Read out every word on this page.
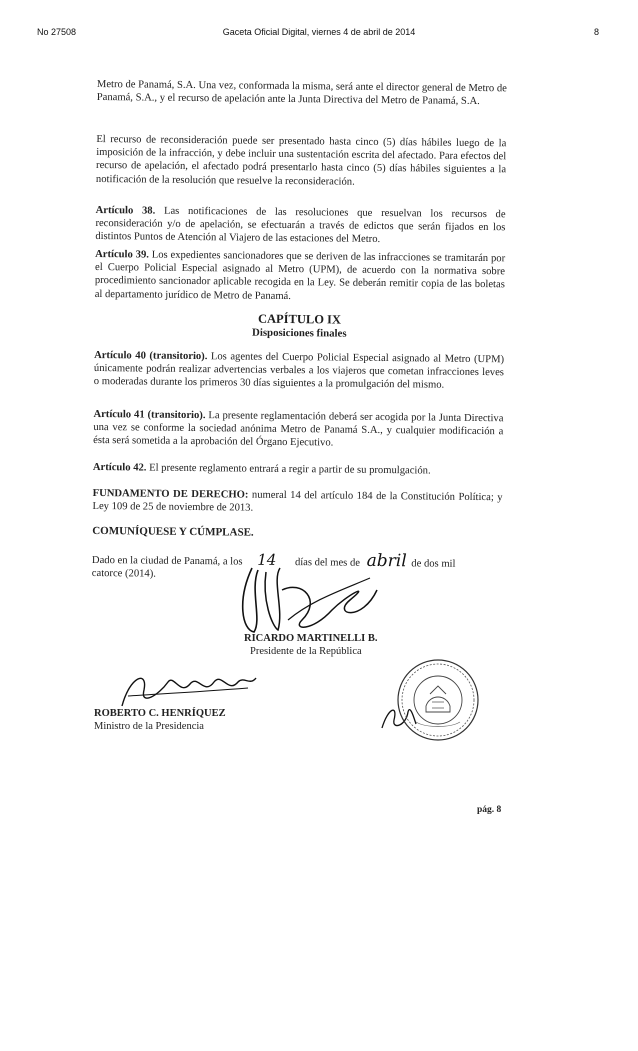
No 27508	Gaceta Oficial Digital, viernes 4 de abril de 2014	8
Metro de Panamá, S.A. Una vez, conformada la misma, será ante el director general de Metro de Panamá, S.A., y el recurso de apelación ante la Junta Directiva del Metro de Panamá, S.A.
El recurso de reconsideración puede ser presentado hasta cinco (5) días hábiles luego de la imposición de la infracción, y debe incluir una sustentación escrita del afectado. Para efectos del recurso de apelación, el afectado podrá presentarlo hasta cinco (5) días hábiles siguientes a la notificación de la resolución que resuelve la reconsideración.
Artículo 38. Las notificaciones de las resoluciones que resuelvan los recursos de reconsideración y/o de apelación, se efectuarán a través de edictos que serán fijados en los distintos Puntos de Atención al Viajero de las estaciones del Metro.
Artículo 39. Los expedientes sancionadores que se deriven de las infracciones se tramitarán por el Cuerpo Policial Especial asignado al Metro (UPM), de acuerdo con la normativa sobre procedimiento sancionador aplicable recogida en la Ley. Se deberán remitir copia de las boletas al departamento jurídico de Metro de Panamá.
CAPÍTULO IX
Disposiciones finales
Artículo 40 (transitorio). Los agentes del Cuerpo Policial Especial asignado al Metro (UPM) únicamente podrán realizar advertencias verbales a los viajeros que cometan infracciones leves o moderadas durante los primeros 30 días siguientes a la promulgación del mismo.
Artículo 41 (transitorio). La presente reglamentación deberá ser acogida por la Junta Directiva una vez se conforme la sociedad anónima Metro de Panamá S.A., y cualquier modificación a ésta será sometida a la aprobación del Órgano Ejecutivo.
Artículo 42. El presente reglamento entrará a regir a partir de su promulgación.
FUNDAMENTO DE DERECHO: numeral 14 del artículo 184 de la Constitución Política; y Ley 109 de 25 de noviembre de 2013.
COMUNÍQUESE Y CÚMPLASE.
Dado en la ciudad de Panamá, a los 14 días del mes de abril de dos mil
catorce (2014).
RICARDO MARTINELLI B.
Presidente de la República
ROBERTO C. HENRÍQUEZ
Ministro de la Presidencia
pág. 8
